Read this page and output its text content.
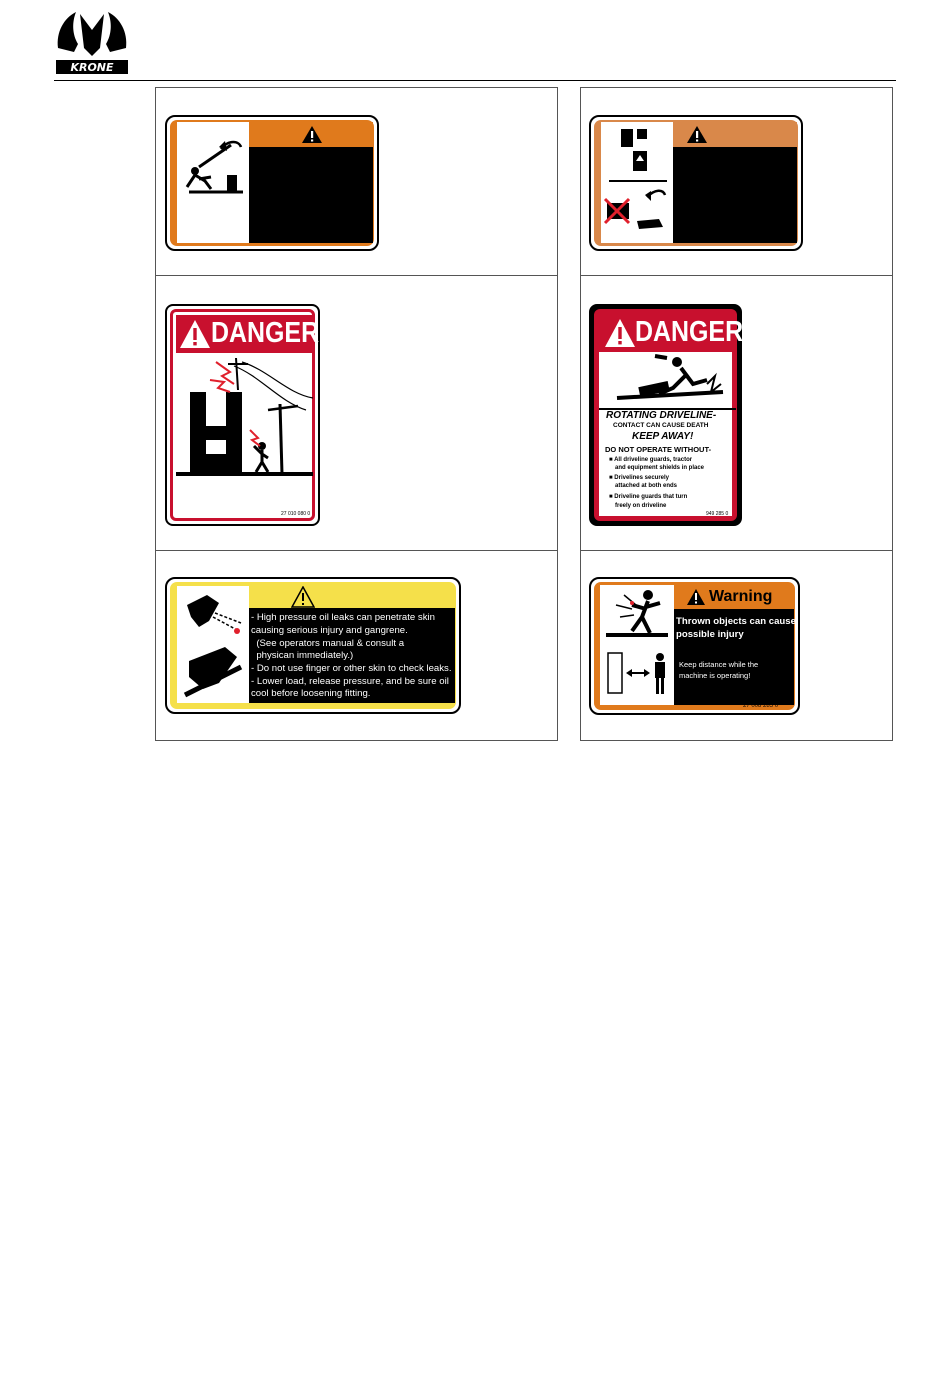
KRONE
DANGER
27 010 080 0
DANGER
ROTATING DRIVELINE-
CONTACT CAN CAUSE DEATH
KEEP AWAY!
DO NOT OPERATE WITHOUT-
■ All driveline guards, tractor
and equipment shields in place
■ Drivelines securely
attached at both ends
■ Driveline guards that turn
freely on driveline
949 285 0
- High pressure oil leaks can penetrate skin
causing serious injury and gangrene.
(See operators manual & consult a
physican immediately.)
- Do not use finger or other skin to check leaks.
- Lower load, release pressure, and be sure oil
cool before loosening fitting.
Warning
Thrown objects can cause
possible injury
Keep distance while the
machine is operating!
27 008 285 0
